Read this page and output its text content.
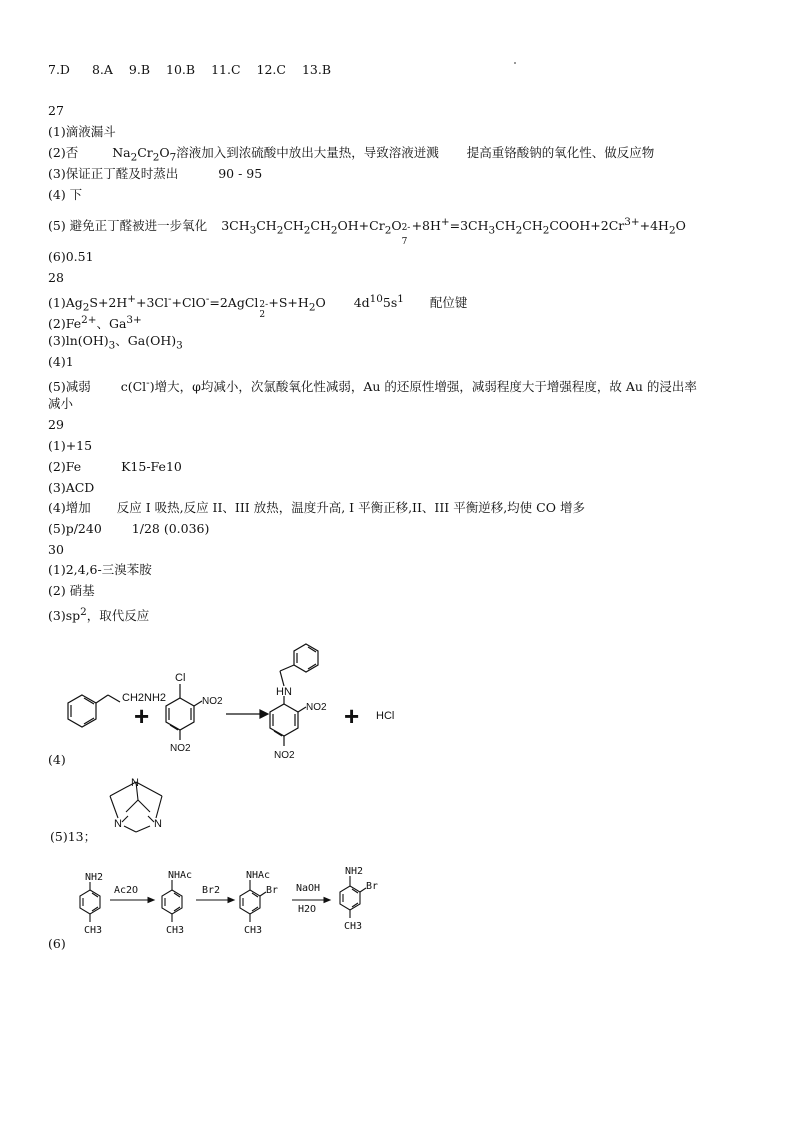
7.D 8.A 9.B 10.B 11.C 12.C 13.B
27
(1)滴液漏斗
(2)否	$Na_2Cr_2O_7$溶液加入到浓硫酸中放出大量热，导致溶液迸溅 提高重铬酸钠的氧化性、做反应物
(3)保证正丁醛及时蒸出	90 - 95
(4) 下
(5) 避免正丁醛被进一步氧化 $3CH_3CH_2CH_2CH_2OH+Cr_2O$ 2-
7
$+8H^+=3CH_3CH_2CH_2COOH+2Cr^{3+}+4H_2O$
(6)0.51
28
$(1)Ag_2S+2H^++3Cl^-+ClO^-=2AgCl$ 2-
2
$+S+H_2O$ $4d^{10}5s^1$ 配位键
$(2)Fe^{2+}$、$Ga^{3+}$
$(3)\ln(OH)_3$、$Ga(OH)_3$
(4)1
(5)减弱 c(Cl-)增大，φ均减小，次氯酸氧化性减弱，Au 的还原性增强，减弱程度大于增强程度，故 Au 的浸出率
减小
29
(1)+15
(2)Fe	K15-Fe10
(3)ACD
(4)增加 反应 I 吸热,反应 II、III 放热，温度升高, I 平衡正移,II、III 平衡逆移,均使 CO 增多
(5)p/240 1/28 (0.036)
30
(1)2,4,6-三溴苯胺
(2) 硝基
$(3)sp^2$，取代反应
CH2NH2
+
Cl
NO2
NO2
HN
NO2
NO2
+ HCl
(4)
N
N	N
(5)13；
NH2
CH3
Ac2O
NHAc
CH3
Br2
NHAc
Br
CH3
NaOH
H2O
NH2
Br
CH3
(6)
